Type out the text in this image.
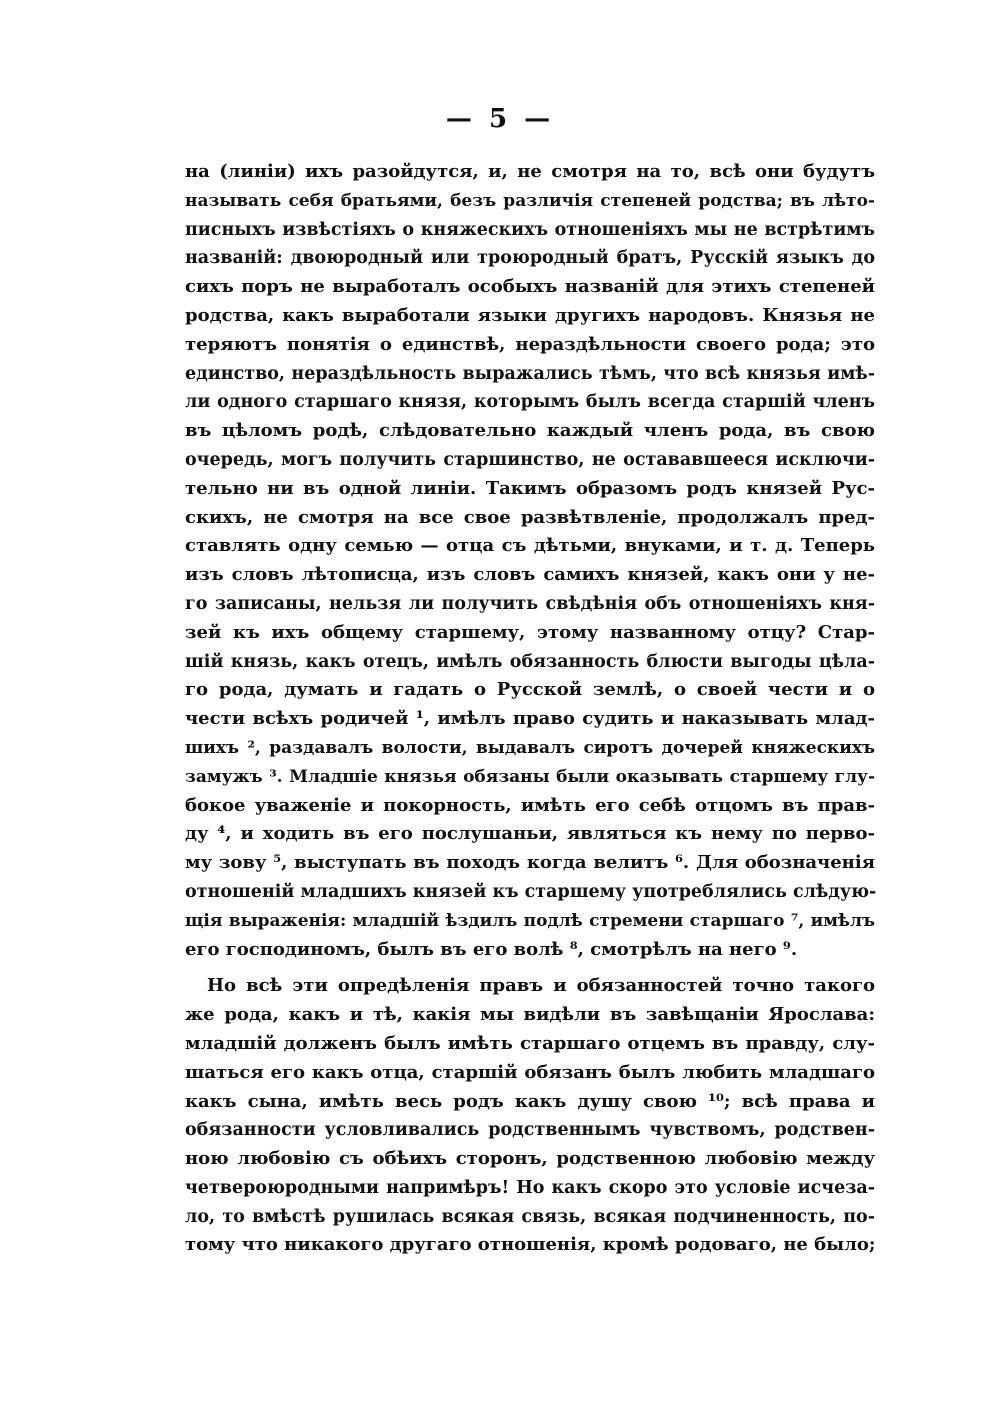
— 5 —
на (линіи) ихъ разойдутся, и, не смотря на то, всѣ они будутъ
называть себя братьями, безъ различія степеней родства; въ лѣто-
писныхъ извѣстіяхъ о княжескихъ отношеніяхъ мы не встрѣтимъ
названій: двоюродный или троюродный братъ, Русскій языкъ до
сихъ поръ не выработалъ особыхъ названій для этихъ степеней
родства, какъ выработали языки другихъ народовъ. Князья не
теряютъ понятія о единствѣ, нераздѣльности своего рода; это
единство, нераздѣльность выражались тѣмъ, что всѣ князья имѣ-
ли одного старшаго князя, которымъ былъ всегда старшій членъ
въ цѣломъ родѣ, слѣдовательно каждый членъ рода, въ свою
очередь, могъ получить старшинство, не остававшееся исключи-
тельно ни въ одной линіи. Такимъ образомъ родъ князей Рус-
скихъ, не смотря на все свое развѣтвленіе, продолжалъ пред-
ставлять одну семью — отца съ дѣтьми, внуками, и т. д. Теперь
изъ словъ лѣтописца, изъ словъ самихъ князей, какъ они у не-
го записаны, нельзя ли получить свѣдѣнія объ отношеніяхъ кня-
зей къ ихъ общему старшему, этому названному отцу? Стар-
шій князь, какъ отецъ, имѣлъ обязанность блюсти выгоды цѣла-
го рода, думать и гадать о Русской землѣ, о своей чести и о
чести всѣхъ родичей ¹, имѣлъ право судить и наказывать млад-
шихъ ², раздавалъ волости, выдавалъ сиротъ дочерей княжескихъ
замужъ ³. Младшіе князья обязаны были оказывать старшему глу-
бокое уваженіе и покорность, имѣть его себѣ отцомъ въ прав-
ду ⁴, и ходить въ его послушаньи, являться къ нему по перво-
му зову ⁵, выступать въ походъ когда велитъ ⁶. Для обозначенія
отношеній младшихъ князей къ старшему употреблялись слѣдую-
щія выраженія: младшій ѣздилъ подлѣ стремени старшаго ⁷, имѣлъ
его господиномъ, былъ въ его волѣ ⁸, смотрѣлъ на него ⁹.
Но всѣ эти опредѣленія правъ и обязанностей точно такого
же рода, какъ и тѣ, какія мы видѣли въ завѣщаніи Ярослава:
младшій долженъ былъ имѣть старшаго отцемъ въ правду, слу-
шаться его какъ отца, старшій обязанъ былъ любить младшаго
какъ сына, имѣть весь родъ какъ душу свою ¹⁰; всѣ права и
обязанности условливались родственнымъ чувствомъ, родствен-
ною любовію съ обѣихъ сторонъ, родственною любовію между
четвероюродными напримѣръ! Но какъ скоро это условіе исчеза-
ло, то вмѣстѣ рушилась всякая связь, всякая подчиненность, по-
тому что никакого другаго отношенія, кромѣ родоваго, не было;
